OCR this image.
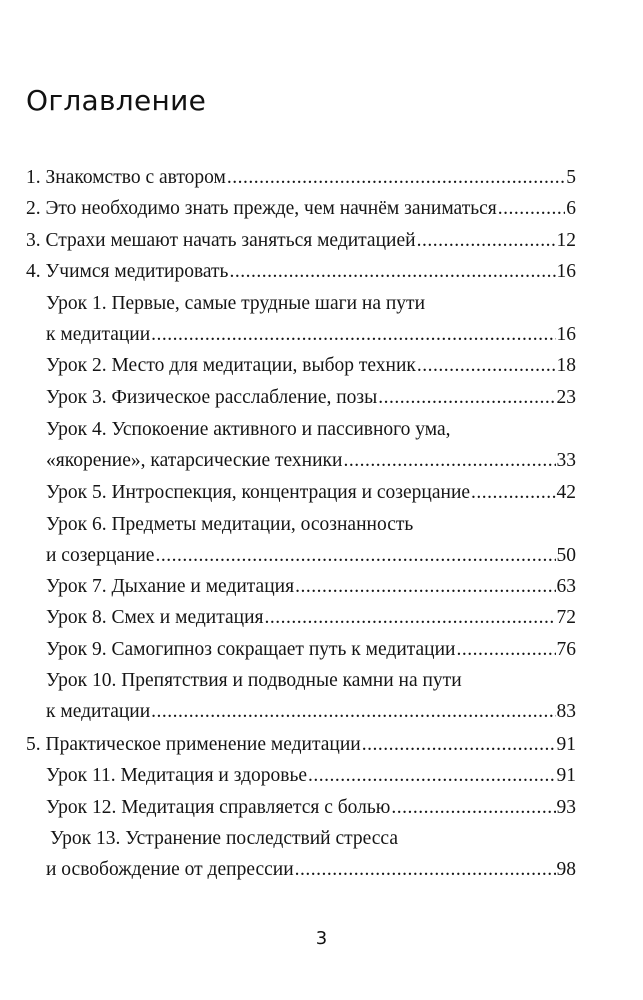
Оглавление
1. Знакомство с автором .....	5
2. Это необходимо знать прежде, чем начнём заниматься .....	6
3. Страхи мешают начать заняться медитацией .....	12
4. Учимся медитировать .....	16
Урок 1. Первые, самые трудные шаги на пути
к медитации .....	16
Урок 2. Место для медитации, выбор техник .....	18
Урок 3. Физическое расслабление, позы .....	23
Урок 4. Успокоение активного и пассивного ума,
«якорение», катарсические техники .....	33
Урок 5. Интроспекция, концентрация и созерцание .....	42
Урок 6. Предметы медитации, осознанность
и созерцание .....	50
Урок 7. Дыхание и медитация .....	63
Урок 8. Смех и медитация .....	72
Урок 9. Самогипноз сокращает путь к медитации .....	76
Урок 10. Препятствия и подводные камни на пути
к медитации .....	83
5. Практическое применение медитации .....	91
Урок 11. Медитация и здоровье .....	91
Урок 12. Медитация справляется с болью .....	93
Урок 13. Устранение последствий стресса
и освобождение от депрессии .....	98
3
